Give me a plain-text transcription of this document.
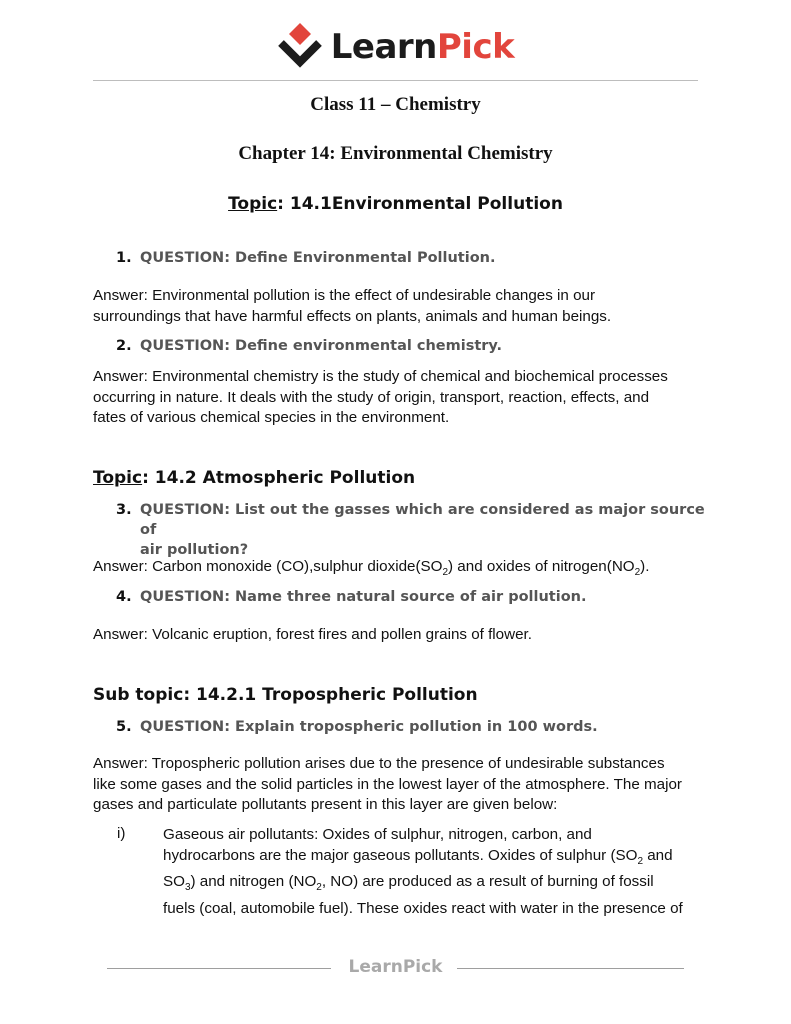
LearnPick
Class 11 – Chemistry
Chapter 14: Environmental Chemistry
Topic: 14.1Environmental Pollution
1. QUESTION: Define Environmental Pollution.
Answer: Environmental pollution is the effect of undesirable changes in our
surroundings that have harmful effects on plants, animals and human beings.
2. QUESTION: Define environmental chemistry.
Answer: Environmental chemistry is the study of chemical and biochemical processes
occurring in nature. It deals with the study of origin, transport, reaction, effects, and
fates of various chemical species in the environment.
Topic: 14.2 Atmospheric Pollution
3. QUESTION: List out the gasses which are considered as major source of
air pollution?
Answer: Carbon monoxide (CO),sulphur $dioxide(SO_2)$ and oxides of $nitrogen(NO_2)$.
4. QUESTION: Name three natural source of air pollution.
Answer: Volcanic eruption, forest fires and pollen grains of flower.
Sub topic: 14.2.1 Tropospheric Pollution
5. QUESTION: Explain tropospheric pollution in 100 words.
Answer: Tropospheric pollution arises due to the presence of undesirable substances
like some gases and the solid particles in the lowest layer of the atmosphere. The major
gases and particulate pollutants present in this layer are given below:
i) Gaseous air pollutants: Oxides of sulphur, nitrogen, carbon, and
hydrocarbons are the major gaseous pollutants. Oxides of sulphur ($SO_2$ and
$SO_3$) and nitrogen ($NO_2$, NO) are produced as a result of burning of fossil
fuels (coal, automobile fuel). These oxides react with water in the presence of
LearnPick
